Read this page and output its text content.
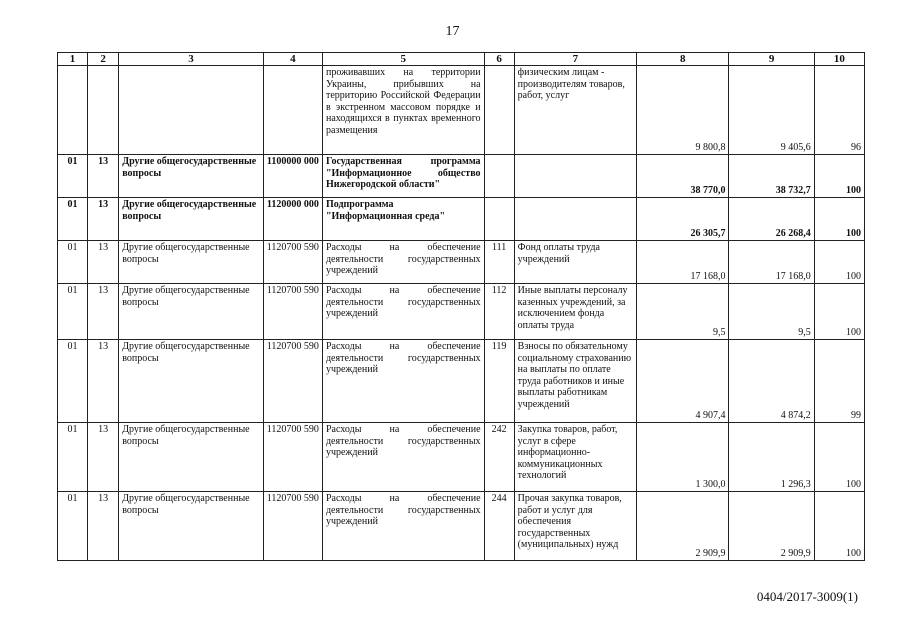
17
1	2	3	4	5	6	7	8	9	10
				проживавших на территории Украины, прибывших на территорию Российской Федерации в экстренном массовом порядке и находящихся в пунктах временного размещения		физическим лицам - производителям товаров, работ, услуг	9 800,8	9 405,6	96
01	13	Другие общегосударственные вопросы	1100000 000	Государственная программа "Информационное общество Нижегородской области"			38 770,0	38 732,7	100
01	13	Другие общегосударственные вопросы	1120000 000	Подпрограмма "Информационная среда"			26 305,7	26 268,4	100
01	13	Другие общегосударственные вопросы	1120700 590	Расходы на обеспечение деятельности государственных учреждений	111	Фонд оплаты труда учреждений	17 168,0	17 168,0	100
01	13	Другие общегосударственные вопросы	1120700 590	Расходы на обеспечение деятельности государственных учреждений	112	Иные выплаты персоналу казенных учреждений, за исключением фонда оплаты труда	9,5	9,5	100
01	13	Другие общегосударственные вопросы	1120700 590	Расходы на обеспечение деятельности государственных учреждений	119	Взносы по обязательному социальному страхованию на выплаты по оплате труда работников и иные выплаты работникам учреждений	4 907,4	4 874,2	99
01	13	Другие общегосударственные вопросы	1120700 590	Расходы на обеспечение деятельности государственных учреждений	242	Закупка товаров, работ, услуг в сфере информационно-коммуникационных технологий	1 300,0	1 296,3	100
01	13	Другие общегосударственные вопросы	1120700 590	Расходы на обеспечение деятельности государственных учреждений	244	Прочая закупка товаров, работ и услуг для обеспечения государственных (муниципальных) нужд	2 909,9	2 909,9	100
0404/2017-3009(1)
